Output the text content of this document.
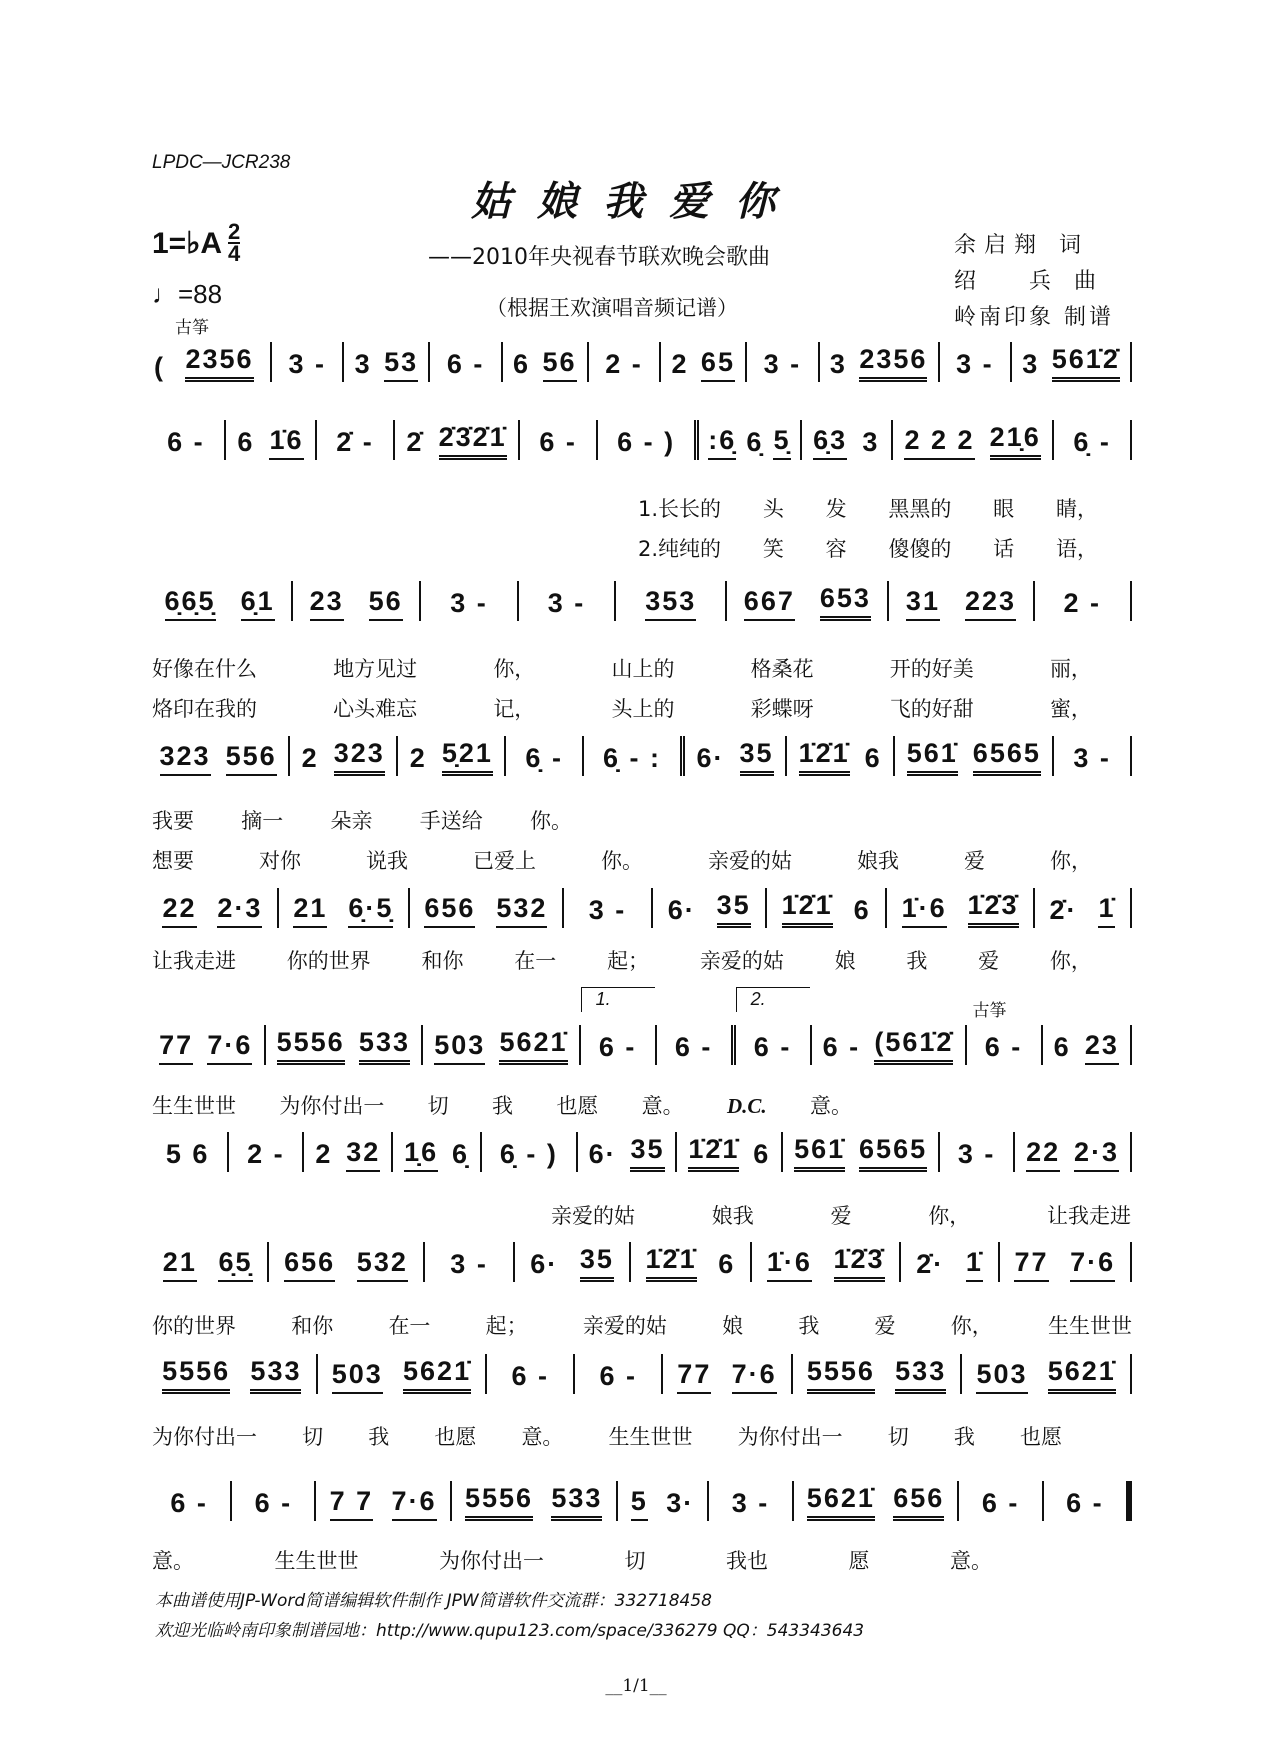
LPDC—JCR238
姑娘我爱你
1=♭A $\frac{2}{4}$
♩=88
——2010年央视春节联欢晚会歌曲
（根据王欢演唱音频记谱）
余启翔 词
绍   兵 曲
岭南印象 制谱
( 2356
古筝
3 - 3 53 6 - 6 56 2 - 2 65 3 - 3 2356 3 - 3 561̇2̇
6 - 6 1̇6 2̇ - 2̇ 2̇3̇2̇1̇ 6 - 6 - ) :6̣ 6̣ 5̣ 6̣3 3 2 2 2 21̣6 6̣ -
6̣6̣5̣ 6̣1 23 56 3 - 3 - 353 667 653 31 223 2 -
323 556 2 323 2 5̣21 6̣ - 6̣ - : 6· 35 1̇2̇1̇ 6 561̇ 6565 3 -
22 2·3 21 6̣·5̣ 656 532 3 - 6· 35 1̇2̇1̇ 6 1̇·6 1̇2̇3̇ 2̇· 1̇
77 7·6 5556 533 503 5621̇ 6 -
1.
6 - 6 -
2.
6 - (561̇2̇ 6 -
古筝
6 23
5 6 2 - 2 32 1̣6 6̣ 6̣ - ) 6· 35 1̇2̇1̇ 6 561̇ 6565 3 - 22 2·3
21 6̣5̣ 656 532 3 - 6· 35 1̇2̇1̇ 6 1̇·6 1̇2̇3̇ 2̇· 1̇ 77 7·6
5556 533 503 5621̇ 6 - 6 - 77 7·6 5556 533 503 5621̇
6 - 6 - 7 7 7·6 5556 533 5 3· 3 - 5621̇ 656 6 - 6 -
1.长长的 头 发 黑黑的 眼 睛，
2.纯纯的 笑 容 傻傻的 话 语，
好像在什么	地方见过	你，	山上的	格桑花	开的好美	丽，
烙印在我的	心头难忘	记，	头上的	彩蝶呀	飞的好甜	蜜，
我要 摘一 朵亲 手送给 你。
想要	对你	说我	已爱上	你。	亲爱的姑	娘我	爱	你，
让我走进 你的世界 和你 在一 起； 亲爱的姑 娘 我 爱 你，
生生世世 为你付出一 切 我 也愿 意。 D.C. 意。
亲爱的姑	娘我	爱	你，	让我走进
你的世界	和你	在一	起；	亲爱的姑	娘	我	爱	你，	生生世世
为你付出一 切 我 也愿 意。 生生世世 为你付出一 切 我 也愿
意。	生生世世	为你付出一	切	我也	愿	意。
本曲谱使用JP-Word简谱编辑软件制作 JPW简谱软件交流群：332718458
欢迎光临岭南印象制谱园地：http://www.qupu123.com/space/336279 QQ：543343643
__1/1__
